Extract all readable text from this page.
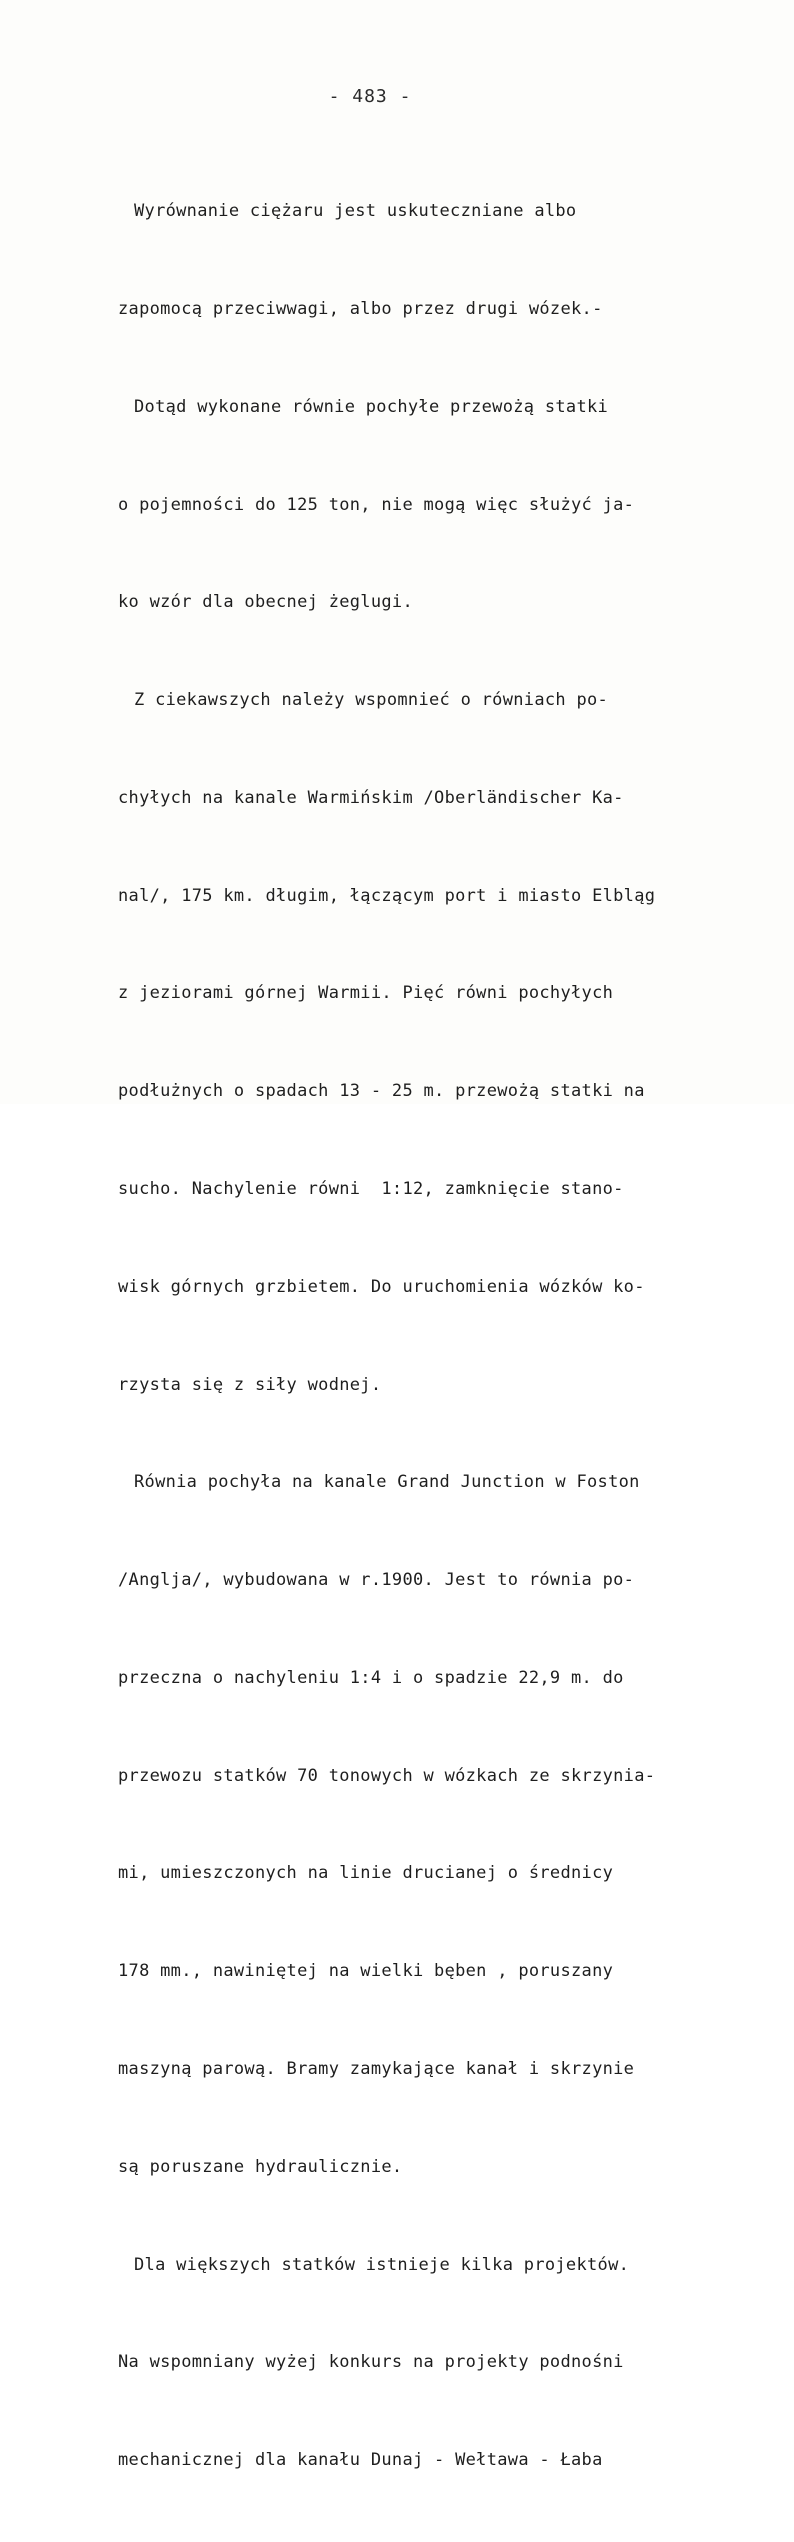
- 483 -

Wyrównanie ciężaru jest uskuteczniane albo

zapomocą przeciwwagi, albo przez drugi wózek.-

Dotąd wykonane równie pochyłe przewożą statki

o pojemności do 125 ton, nie mogą więc służyć ja-

ko wzór dla obecnej żeglugi.

Z ciekawszych należy wspomnieć o równiach po-

chyłych na kanale Warmińskim /Oberländischer Ka-

nal/, 175 km. długim, łączącym port i miasto Elbląg

z jeziorami górnej Warmii. Pięć równi pochyłych

podłużnych o spadach 13 - 25 m. przewożą statki na

sucho. Nachylenie równi  1:12, zamknięcie stano-

wisk górnych grzbietem. Do uruchomienia wózków ko-

rzysta się z siły wodnej.

Równia pochyła na kanale Grand Junction w Foston

/Anglja/, wybudowana w r.1900. Jest to równia po-

przeczna o nachyleniu 1:4 i o spadzie 22,9 m. do

przewozu statków 70 tonowych w wózkach ze skrzynia-

mi, umieszczonych na linie drucianej o średnicy

178 mm., nawiniętej na wielki bęben , poruszany

maszyną parową. Bramy zamykające kanał i skrzynie

są poruszane hydraulicznie.

Dla większych statków istnieje kilka projektów.

Na wspomniany wyżej konkurs na projekty podnośni

mechanicznej dla kanału Dunaj - Wełtawa - Łaba
